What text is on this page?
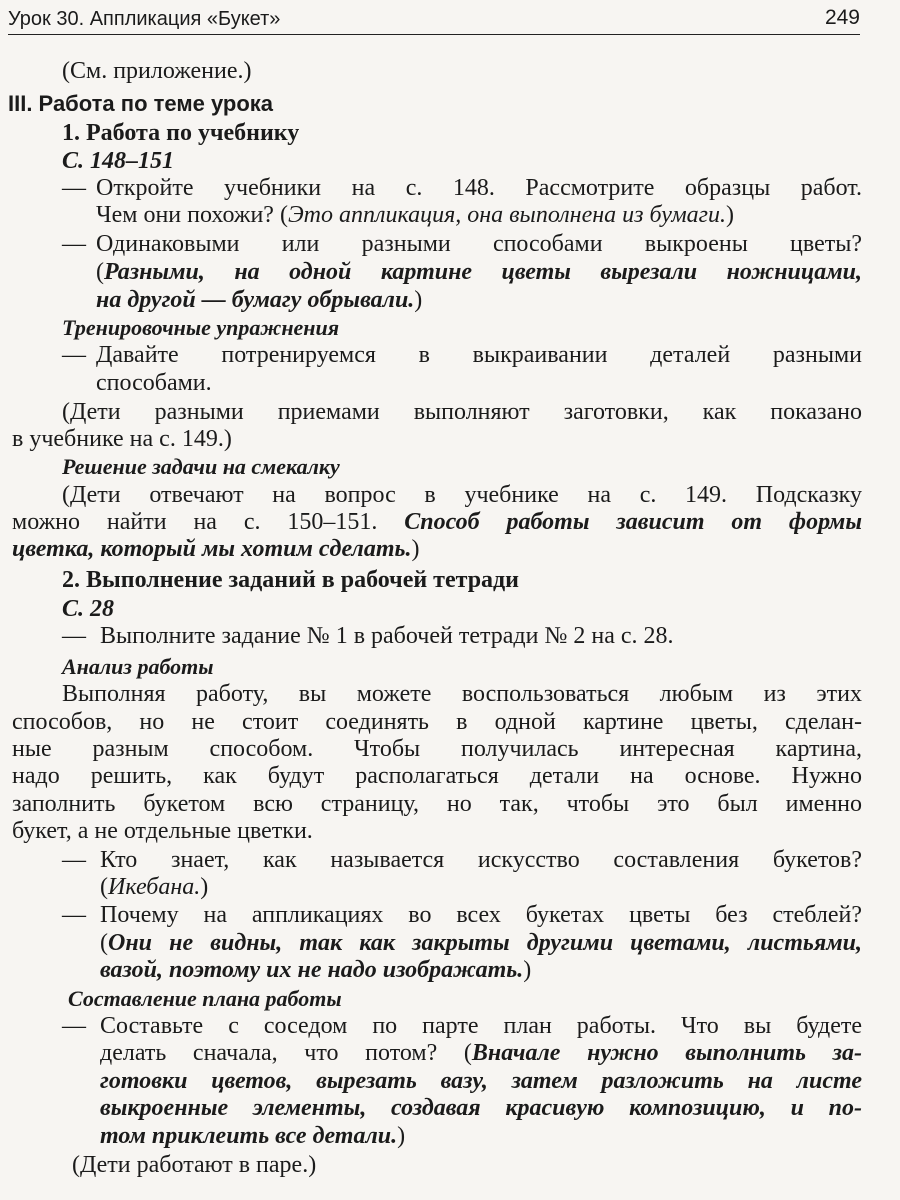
Урок 30. Аппликация «Букет»	249
(См. приложение.)
III. Работа по теме урока
1. Работа по учебнику
С. 148–151
— Откройте учебники на с. 148. Рассмотрите образцы работ.
Чем они похожи? (Это аппликация, она выполнена из бумаги.)
— Одинаковыми или разными способами выкроены цветы?
(Разными, на одной картине цветы вырезали ножницами,
на другой — бумагу обрывали.)
Тренировочные упражнения
— Давайте потренируемся в выкраивании деталей разными
способами.
(Дети разными приемами выполняют заготовки, как показано
в учебнике на с. 149.)
Решение задачи на смекалку
(Дети отвечают на вопрос в учебнике на с. 149. Подсказку
можно найти на с. 150–151. Способ работы зависит от формы
цветка, который мы хотим сделать.)
2. Выполнение заданий в рабочей тетради
С. 28
— Выполните задание № 1 в рабочей тетради № 2 на с. 28.
Анализ работы
Выполняя работу, вы можете воспользоваться любым из этих
способов, но не стоит соединять в одной картине цветы, сделан-
ные разным способом. Чтобы получилась интересная картина,
надо решить, как будут располагаться детали на основе. Нужно
заполнить букетом всю страницу, но так, чтобы это был именно
букет, а не отдельные цветки.
— Кто знает, как называется искусство составления букетов?
(Икебана.)
— Почему на аппликациях во всех букетах цветы без стеблей?
(Они не видны, так как закрыты другими цветами, листьями,
вазой, поэтому их не надо изображать.)
Составление плана работы
— Составьте с соседом по парте план работы. Что вы будете
делать сначала, что потом? (Вначале нужно выполнить за-
готовки цветов, вырезать вазу, затем разложить на листе
выкроенные элементы, создавая красивую композицию, и по-
том приклеить все детали.)
(Дети работают в паре.)
